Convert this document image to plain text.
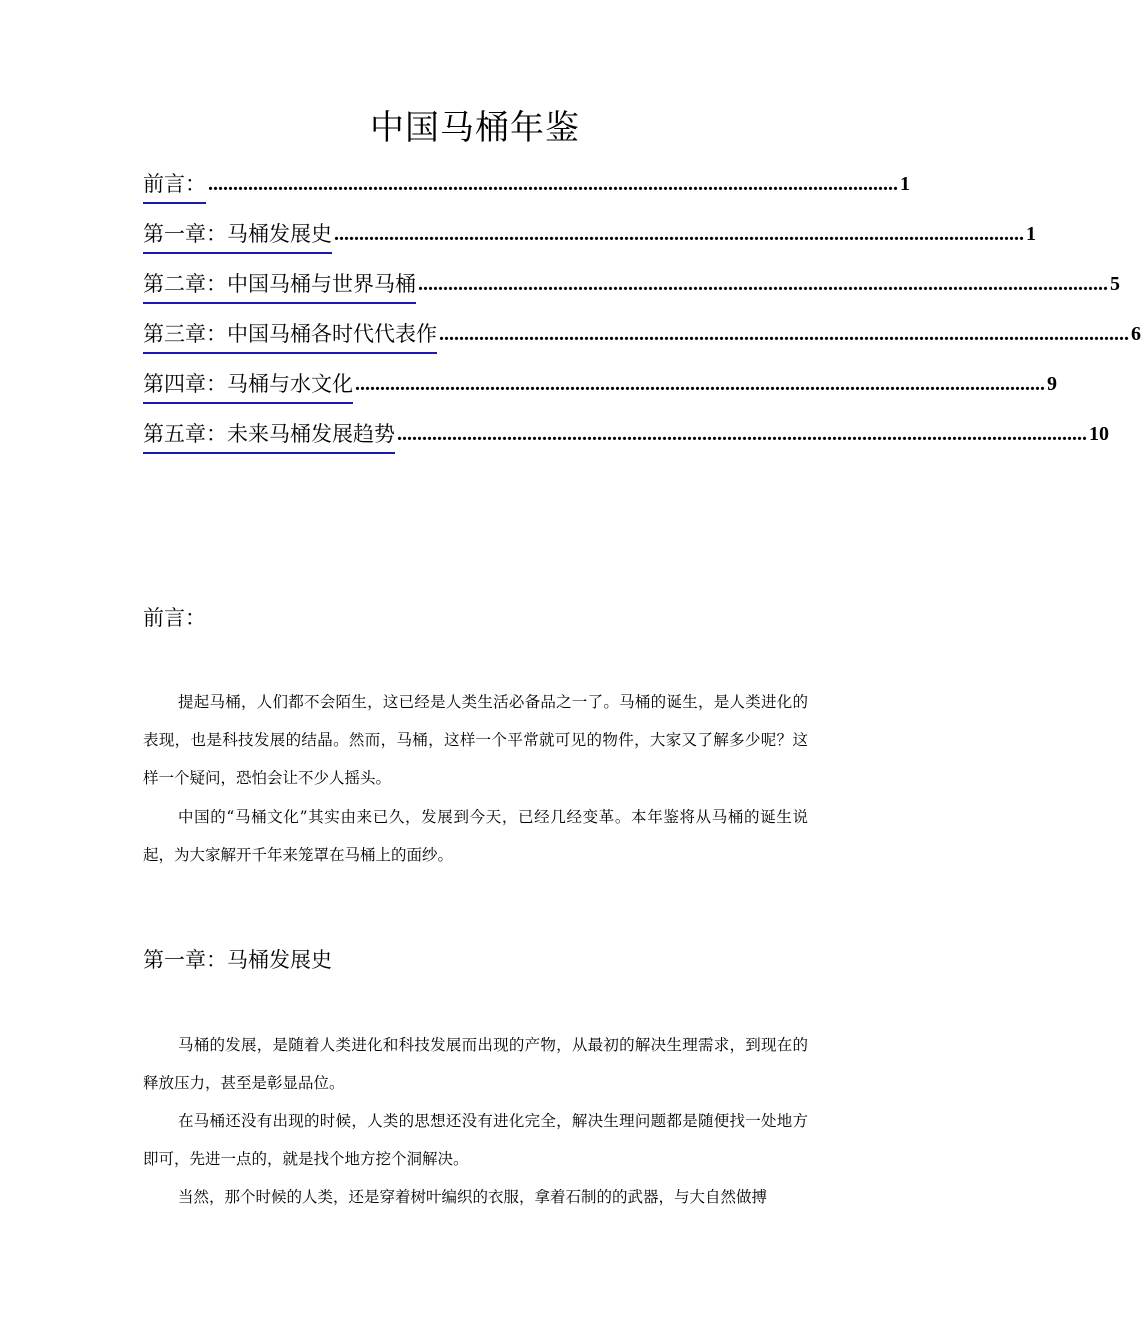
中国马桶年鉴
前言： .......................................................................................................................................... 1
第一章：马桶发展史 .......................................................................................................................................... 1
第二章：中国马桶与世界马桶 .......................................................................................................................................... 5
第三章：中国马桶各时代代表作 .......................................................................................................................................... 6
第四章：马桶与水文化 .......................................................................................................................................... 9
第五章：未来马桶发展趋势 .......................................................................................................................................... 10
前言：

提起马桶，人们都不会陌生，这已经是人类生活必备品之一了。马桶的诞生，是人类进化的表现，也是科技发展的结晶。然而，马桶，这样一个平常就可见的物件，大家又了解多少呢？这样一个疑问，恐怕会让不少人摇头。

中国的“马桶文化”其实由来已久，发展到今天，已经几经变革。本年鉴将从马桶的诞生说起，为大家解开千年来笼罩在马桶上的面纱。

第一章：马桶发展史

马桶的发展，是随着人类进化和科技发展而出现的产物，从最初的解决生理需求，到现在的释放压力，甚至是彰显品位。

在马桶还没有出现的时候，人类的思想还没有进化完全，解决生理问题都是随便找一处地方即可，先进一点的，就是找个地方挖个洞解决。

当然，那个时候的人类，还是穿着树叶编织的衣服，拿着石制的的武器，与大自然做搏
